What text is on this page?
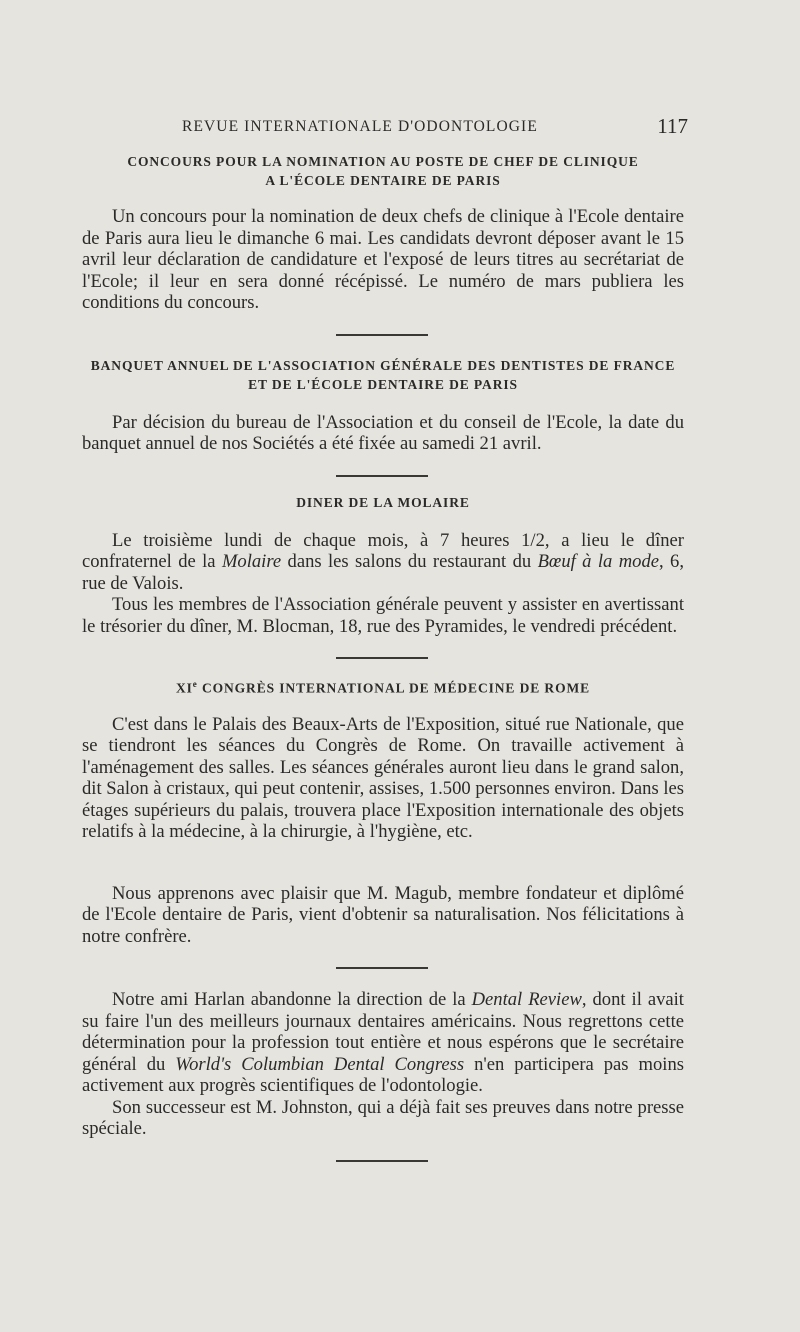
REVUE INTERNATIONALE D'ODONTOLOGIE	117
CONCOURS POUR LA NOMINATION AU POSTE DE CHEF DE CLINIQUE
A L'ÉCOLE DENTAIRE DE PARIS

Un concours pour la nomination de deux chefs de clinique à l'Ecole dentaire de Paris aura lieu le dimanche 6 mai. Les candidats devront déposer avant le 15 avril leur déclaration de candidature et l'exposé de leurs titres au secrétariat de l'Ecole; il leur en sera donné récépissé. Le numéro de mars publiera les conditions du concours.

BANQUET ANNUEL DE L'ASSOCIATION GÉNÉRALE DES DENTISTES DE FRANCE
ET DE L'ÉCOLE DENTAIRE DE PARIS

Par décision du bureau de l'Association et du conseil de l'Ecole, la date du banquet annuel de nos Sociétés a été fixée au samedi 21 avril.

DINER DE LA MOLAIRE

Le troisième lundi de chaque mois, à 7 heures 1/2, a lieu le dîner confraternel de la Molaire dans les salons du restaurant du Bœuf à la mode, 6, rue de Valois.

Tous les membres de l'Association générale peuvent y assister en avertissant le trésorier du dîner, M. Blocman, 18, rue des Pyramides, le vendredi précédent.

XIe CONGRÈS INTERNATIONAL DE MÉDECINE DE ROME

C'est dans le Palais des Beaux-Arts de l'Exposition, situé rue Nationale, que se tiendront les séances du Congrès de Rome. On travaille activement à l'aménagement des salles. Les séances générales auront lieu dans le grand salon, dit Salon à cristaux, qui peut contenir, assises, 1.500 personnes environ. Dans les étages supérieurs du palais, trouvera place l'Exposition internationale des objets relatifs à la médecine, à la chirurgie, à l'hygiène, etc.

Nous apprenons avec plaisir que M. Magub, membre fondateur et diplômé de l'Ecole dentaire de Paris, vient d'obtenir sa naturalisation. Nos félicitations à notre confrère.

Notre ami Harlan abandonne la direction de la Dental Review, dont il avait su faire l'un des meilleurs journaux dentaires américains. Nous regrettons cette détermination pour la profession tout entière et nous espérons que le secrétaire général du World's Columbian Dental Congress n'en participera pas moins activement aux progrès scientifiques de l'odontologie.

Son successeur est M. Johnston, qui a déjà fait ses preuves dans notre presse spéciale.
